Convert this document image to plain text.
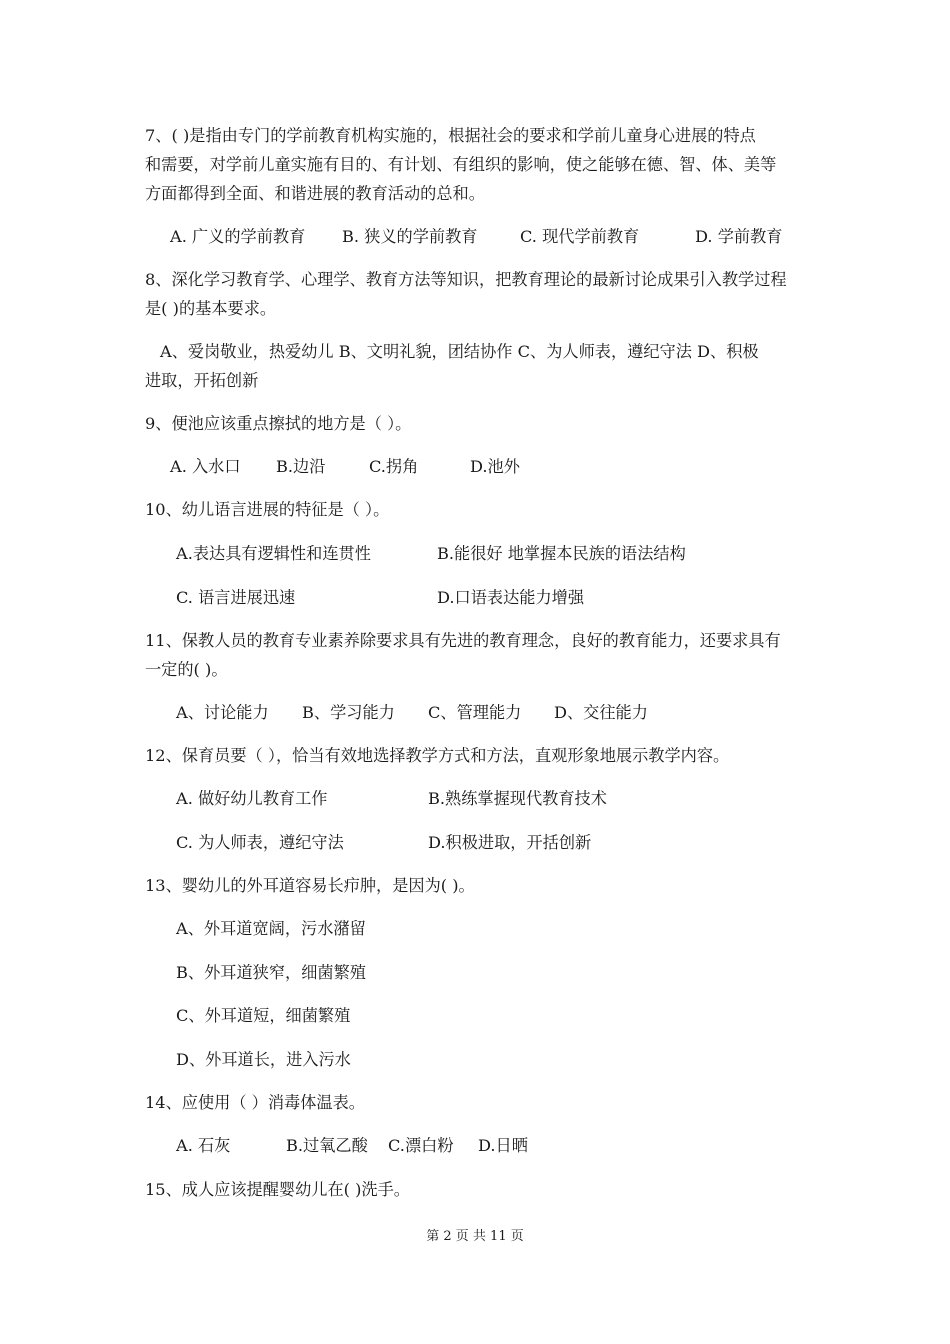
7、( )是指由专门的学前教育机构实施的，根据社会的要求和学前儿童身心进展的特点
和需要，对学前儿童实施有目的、有计划、有组织的影响，使之能够在德、智、体、美等
方面都得到全面、和谐进展的教育活动的总和。
A. 广义的学前教育 B. 狭义的学前教育	C. 现代学前教育	D. 学前教育
8、深化学习教育学、心理学、教育方法等知识，把教育理论的最新讨论成果引入教学过程
是( )的基本要求。
A、爱岗敬业，热爱幼儿 B、文明礼貌，团结协作 C、为人师表，遵纪守法 D、积极
进取，开拓创新
9、便池应该重点擦拭的地方是（ ）。
A. 入水口 B.边沿	C.拐角	D.池外
10、幼儿语言进展的特征是（ ）。
A.表达具有逻辑性和连贯性	B.能很好 地掌握本民族的语法结构
C. 语言进展迅速	D.口语表达能力增强
11、保教人员的教育专业素养除要求具有先进的教育理念，良好的教育能力，还要求具有
一定的( )。
A、讨论能力 B、学习能力 C、管理能力 D、交往能力
12、保育员要（ ），恰当有效地选择教学方式和方法，直观形象地展示教学内容。
A. 做好幼儿教育工作	B.熟练掌握现代教育技术
C. 为人师表，遵纪守法	D.积极进取，开括创新
13、婴幼儿的外耳道容易长疖肿，是因为( )。
A、外耳道宽阔，污水潴留
B、外耳道狭窄，细菌繁殖
C、外耳道短，细菌繁殖
D、外耳道长，进入污水
14、应使用（ ）消毒体温表。
A. 石灰	B.过氧乙酸 C.漂白粉 D.日晒
15、成人应该提醒婴幼儿在( )洗手。
第 2 页 共 11 页
